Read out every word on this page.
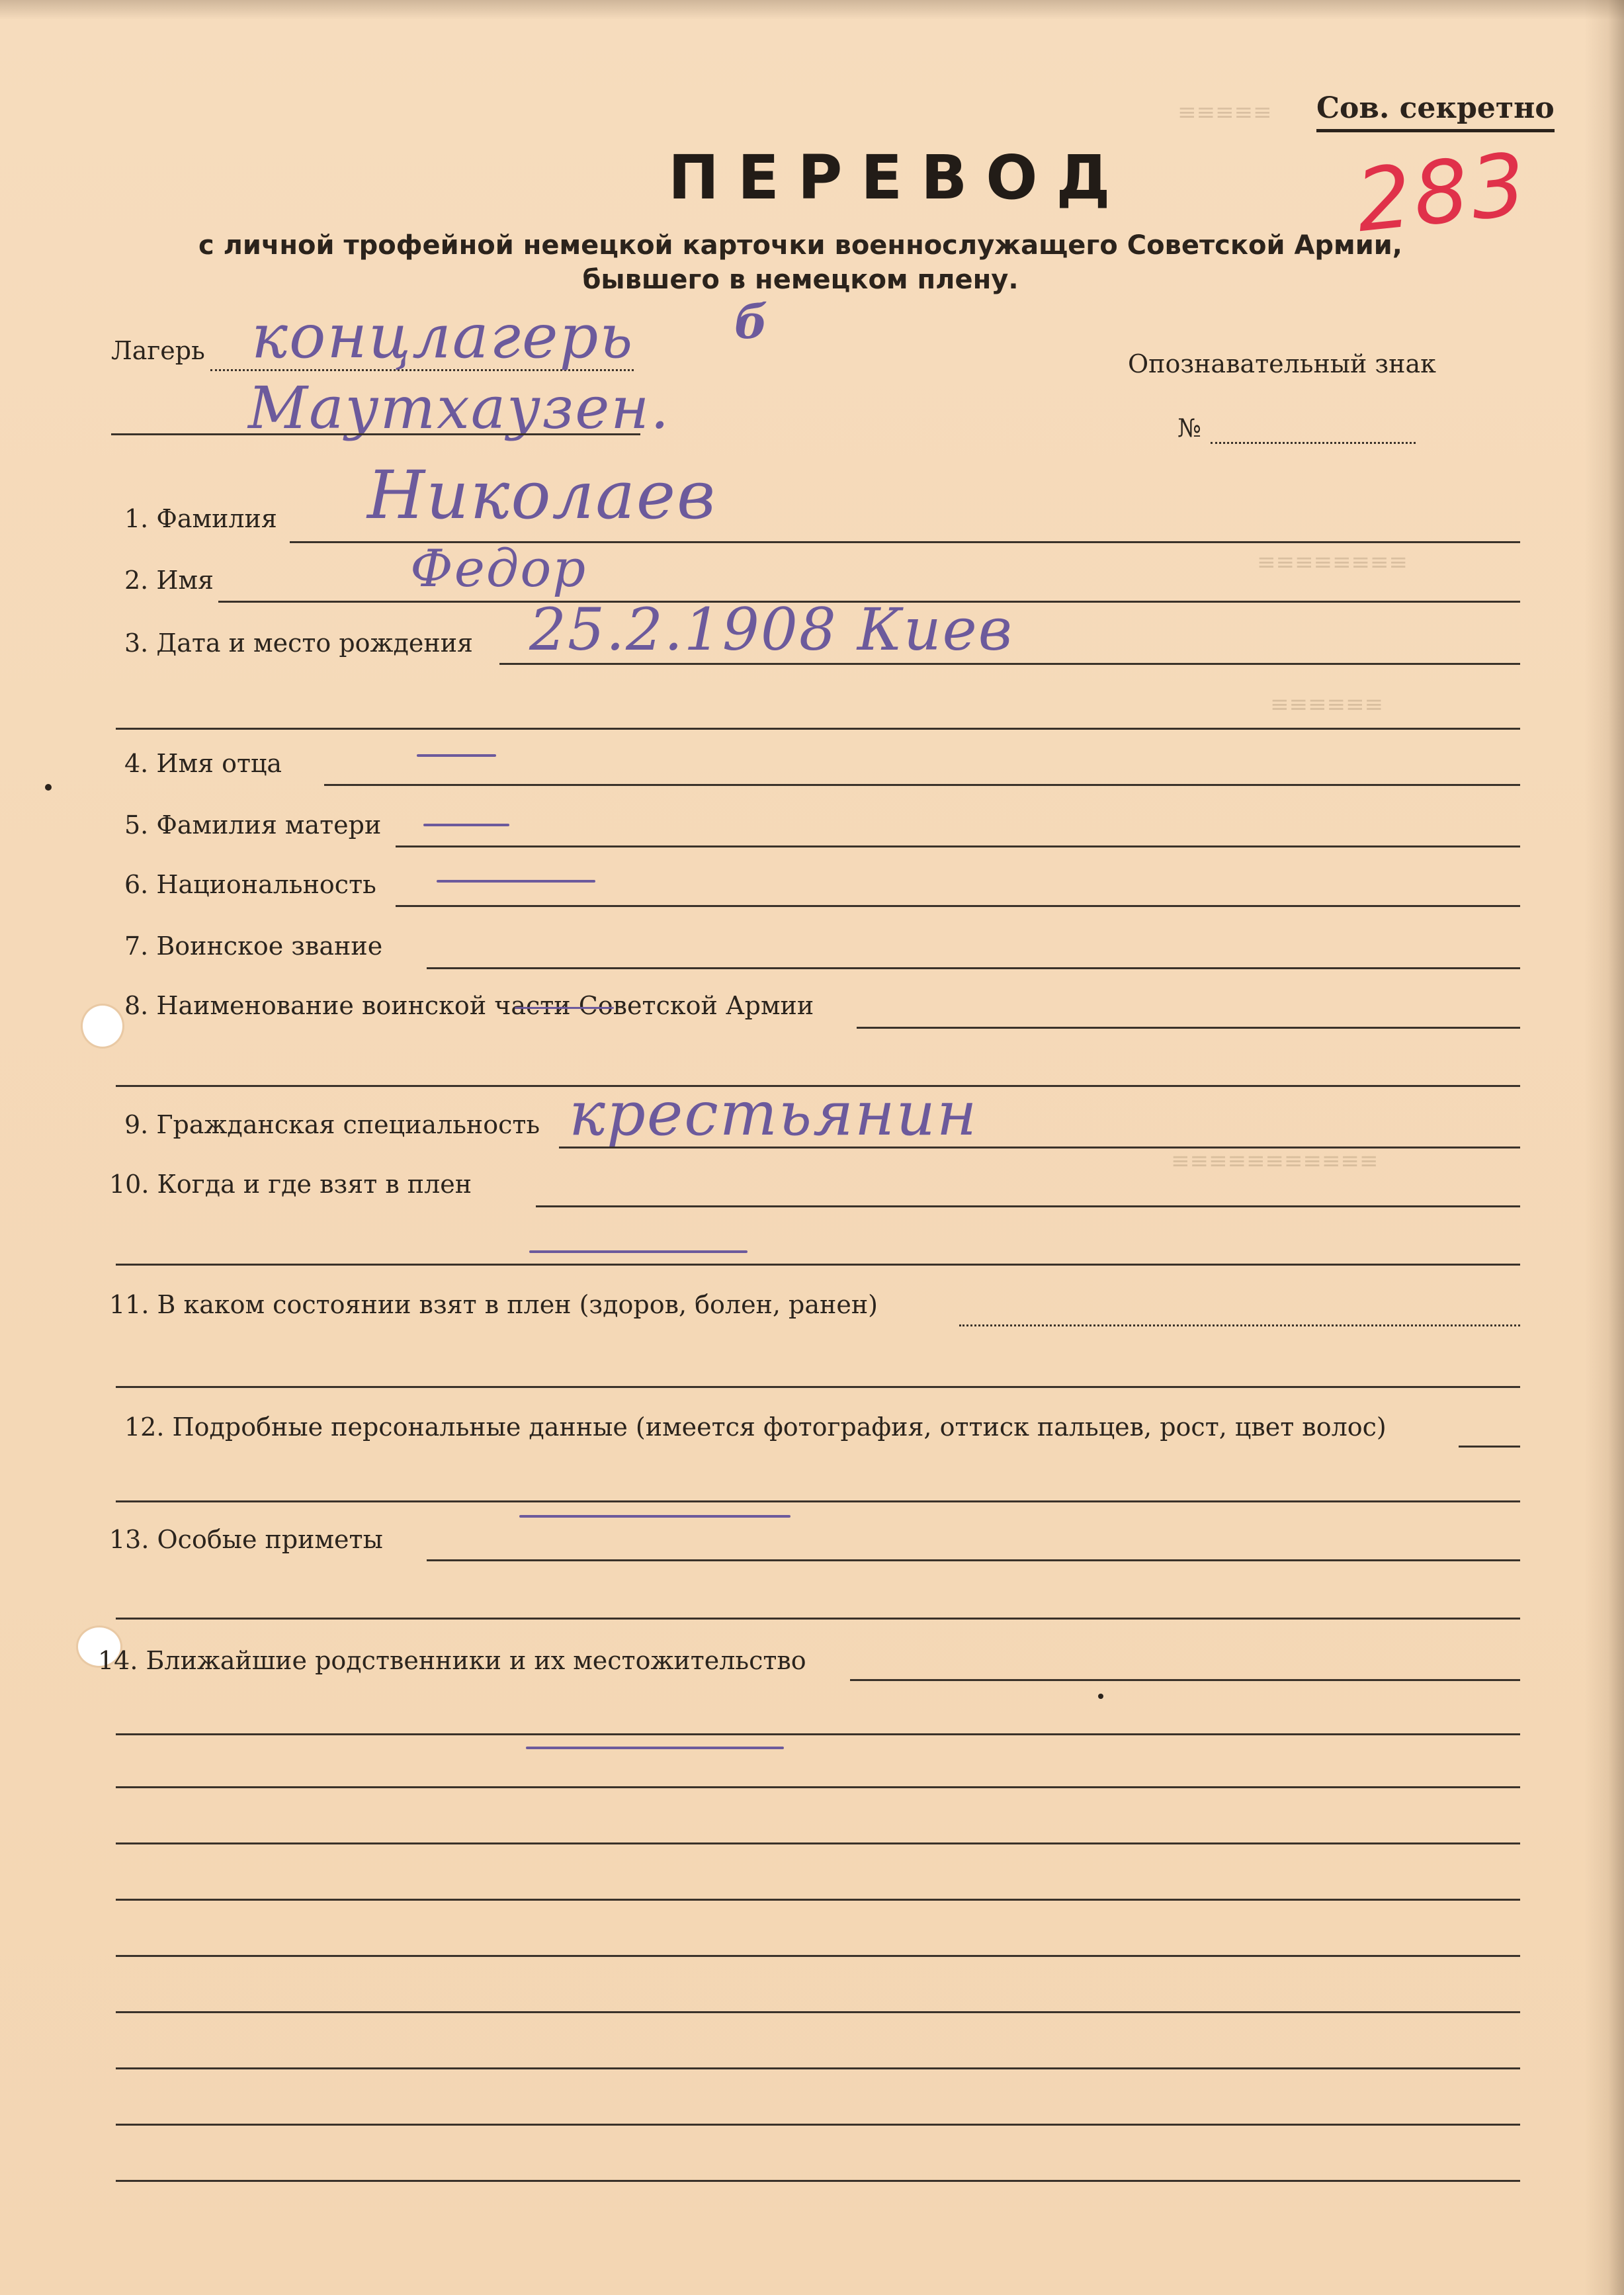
≡≡≡≡≡
≡≡≡≡≡≡≡≡
≡≡≡≡≡≡
≡≡≡≡≡≡≡≡≡≡≡
Сов. секретно
283
ПЕРЕВОД
с личной трофейной немецкой карточки военнослужащего Советской Армии,
бывшего в немецком плену.
Лагерь концлагерь б
Маутхаузен.
Опознавательный знак
№
1. Фамилия Николаев
2. Имя	Федор
3. Дата и место рождения 25.2.1908 Киев
4. Имя отца
5. Фамилия матери
6. Национальность
7. Воинское звание
8. Наименование воинской части Советской Армии
9. Гражданская специальность крестьянин
10. Когда и где взят в плен
11. В каком состоянии взят в плен (здоров, болен, ранен)
12. Подробные персональные данные (имеется фотография, оттиск пальцев, рост, цвет волос)
13. Особые приметы
14. Ближайшие родственники и их местожительство
